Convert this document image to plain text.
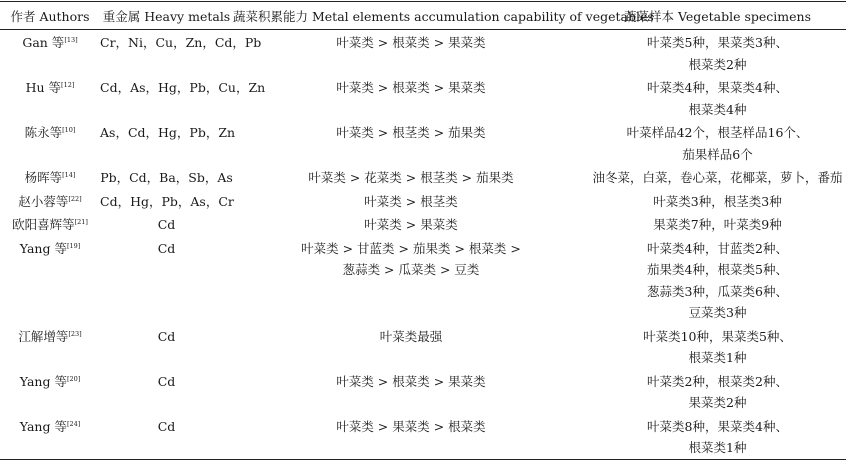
作者 Authors	重金属 Heavy metals	蔬菜积累能力 Metal elements accumulation capability of vegetables	蔬菜样本 Vegetable specimens
Gan 等[13]	Cr，Ni，Cu，Zn，Cd，Pb	叶菜类 > 根菜类 > 果菜类	叶菜类5种，果菜类3种、
根菜类2种

Hu 等[12]	Cd，As，Hg，Pb，Cu，Zn	叶菜类 > 根菜类 > 果菜类	叶菜类4种，果菜类4种、
根菜类4种

陈永等[10]	As，Cd，Hg，Pb，Zn	叶菜类 > 根茎类 > 茄果类	叶菜样品42个，根茎样品16个、
茄果样品6个

杨晖等[14]	Pb，Cd，Ba，Sb，As	叶菜类 > 花菜类 > 根茎类 > 茄果类	油冬菜，白菜，卷心菜，花椰菜，萝卜，番茄

赵小蓉等[22]	Cd，Hg，Pb，As，Cr	叶菜类 > 根茎类	叶菜类3种，根茎类3种

欧阳喜辉等[21]	Cd	叶菜类 > 果菜类	果菜类7种，叶菜类9种

Yang 等[19]	Cd	叶菜类 > 甘蓝类 > 茄果类 > 根菜类 >
葱蒜类 > 瓜菜类 > 豆类	叶菜类4种，甘蓝类2种、
茄果类4种，根菜类5种、
葱蒜类3种，瓜菜类6种、
豆菜类3种

江解增等[23]	Cd	叶菜类最强	叶菜类10种，果菜类5种、
根菜类1种

Yang 等[20]	Cd	叶菜类 > 根菜类 > 果菜类	叶菜类2种，根菜类2种、
果菜类2种

Yang 等[24]	Cd	叶菜类 > 果菜类 > 根菜类	叶菜类8种，果菜类4种、
根菜类1种
